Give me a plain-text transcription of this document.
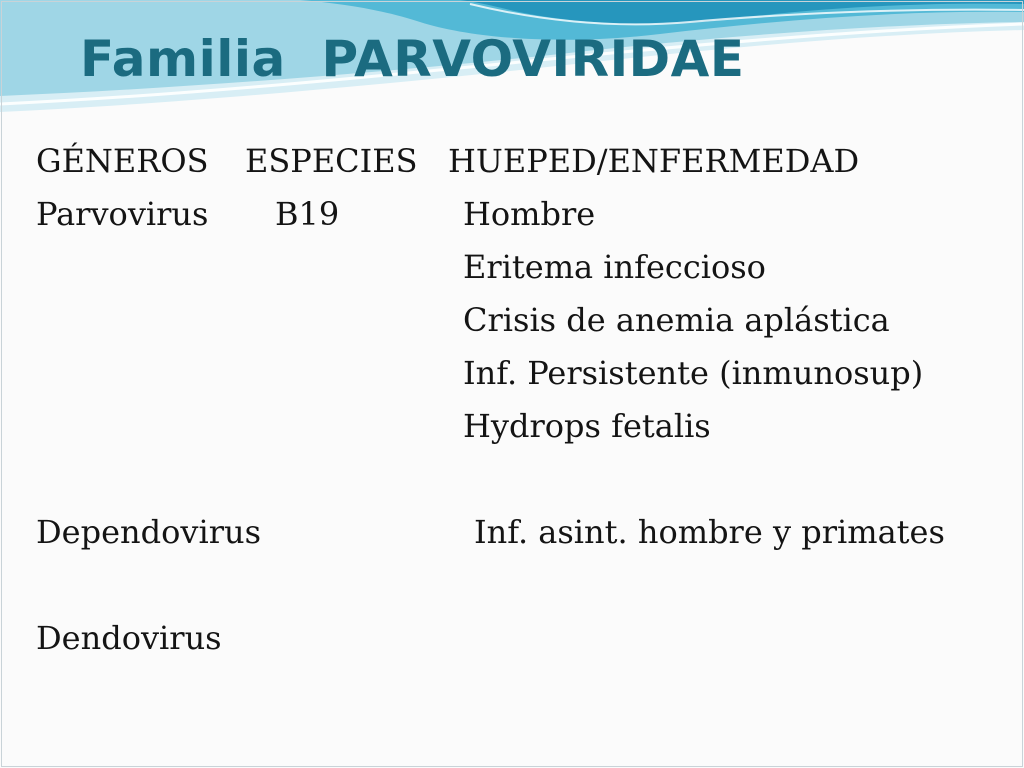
Familia  PARVOVIRIDAE
GÉNEROS ESPECIES HUEPED/ENFERMEDAD
Parvovirus B19	Hombre
Eritema infeccioso
Crisis de anemia aplástica
Inf. Persistente (inmunosup)
Hydrops fetalis
Dependovirus	Inf. asint. hombre y primates
Dendovirus
